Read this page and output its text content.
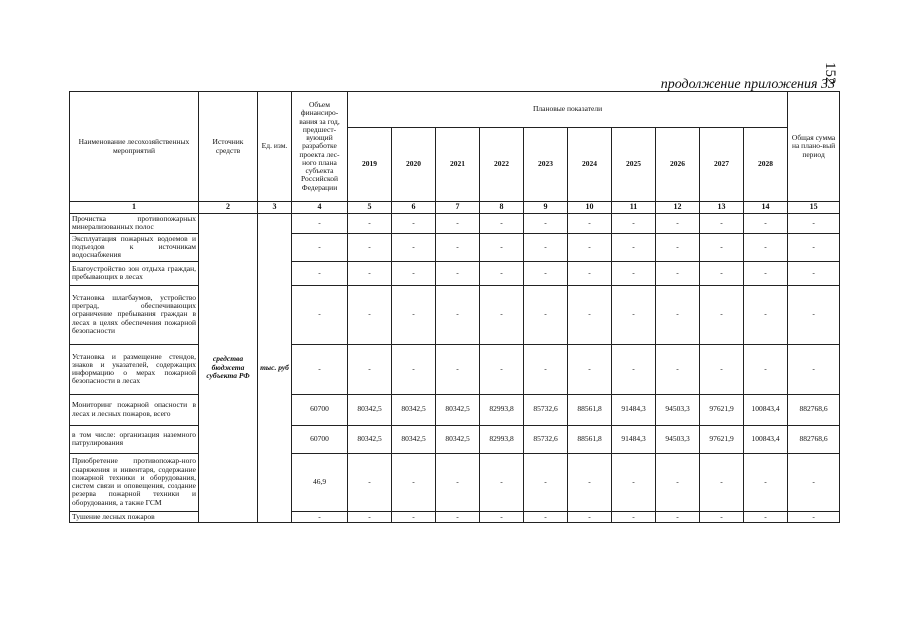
152
продолжение приложения 33
Наименование лесохозяйственных мероприятий	Источник средств	Ед. изм.	Объем финансиро-вания за год, предшест-вующий разработке проекта лес-ного плана субъекта Российской Федерации	Плановые показатели										Общая сумма на плано-вый период
				2019	2020	2021	2022	2023	2024	2025	2026	2027	2028	
1	2	3	4	5	6	7	8	9	10	11	12	13	14	15
Прочистка противопожарных минерализованных полос	средства бюджета субъекта РФ	тыс. руб	-	-	-	-	-	-	-	-	-	-	-	-
Эксплуатация пожарных водоемов и подъездов к источникам водоснабжения			-	-	-	-	-	-	-	-	-	-	-	-
Благоустройство зон отдыха граждан, пребывающих в лесах			-	-	-	-	-	-	-	-	-	-	-	-
Установка шлагбаумов, устройство преград, обеспечивающих ограничение пребывания граждан в лесах в целях обеспечения пожарной безопасности			-	-	-	-	-	-	-	-	-	-	-	-
Установка и размещение стендов, знаков и указателей, содержащих информацию о мерах пожарной безопасности в лесах			-	-	-	-	-	-	-	-	-	-	-	-
Мониторинг пожарной опасности в лесах и лесных пожаров, всего			60700	80342,5	80342,5	80342,5	82993,8	85732,6	88561,8	91484,3	94503,3	97621,9	100843,4	882768,6
в том числе: организация наземного патрулирования			60700	80342,5	80342,5	80342,5	82993,8	85732,6	88561,8	91484,3	94503,3	97621,9	100843,4	882768,6
Приобретение противопожар-ного снаряжения и инвентаря, содержание пожарной техники и оборудования, систем связи и оповещения, создание резерва пожарной техники и оборудования, а также ГСМ			46,9	-	-	-	-	-	-	-	-	-	-	-
Тушение лесных пожаров			-	-	-	-	-	-	-	-	-	-	-	-
